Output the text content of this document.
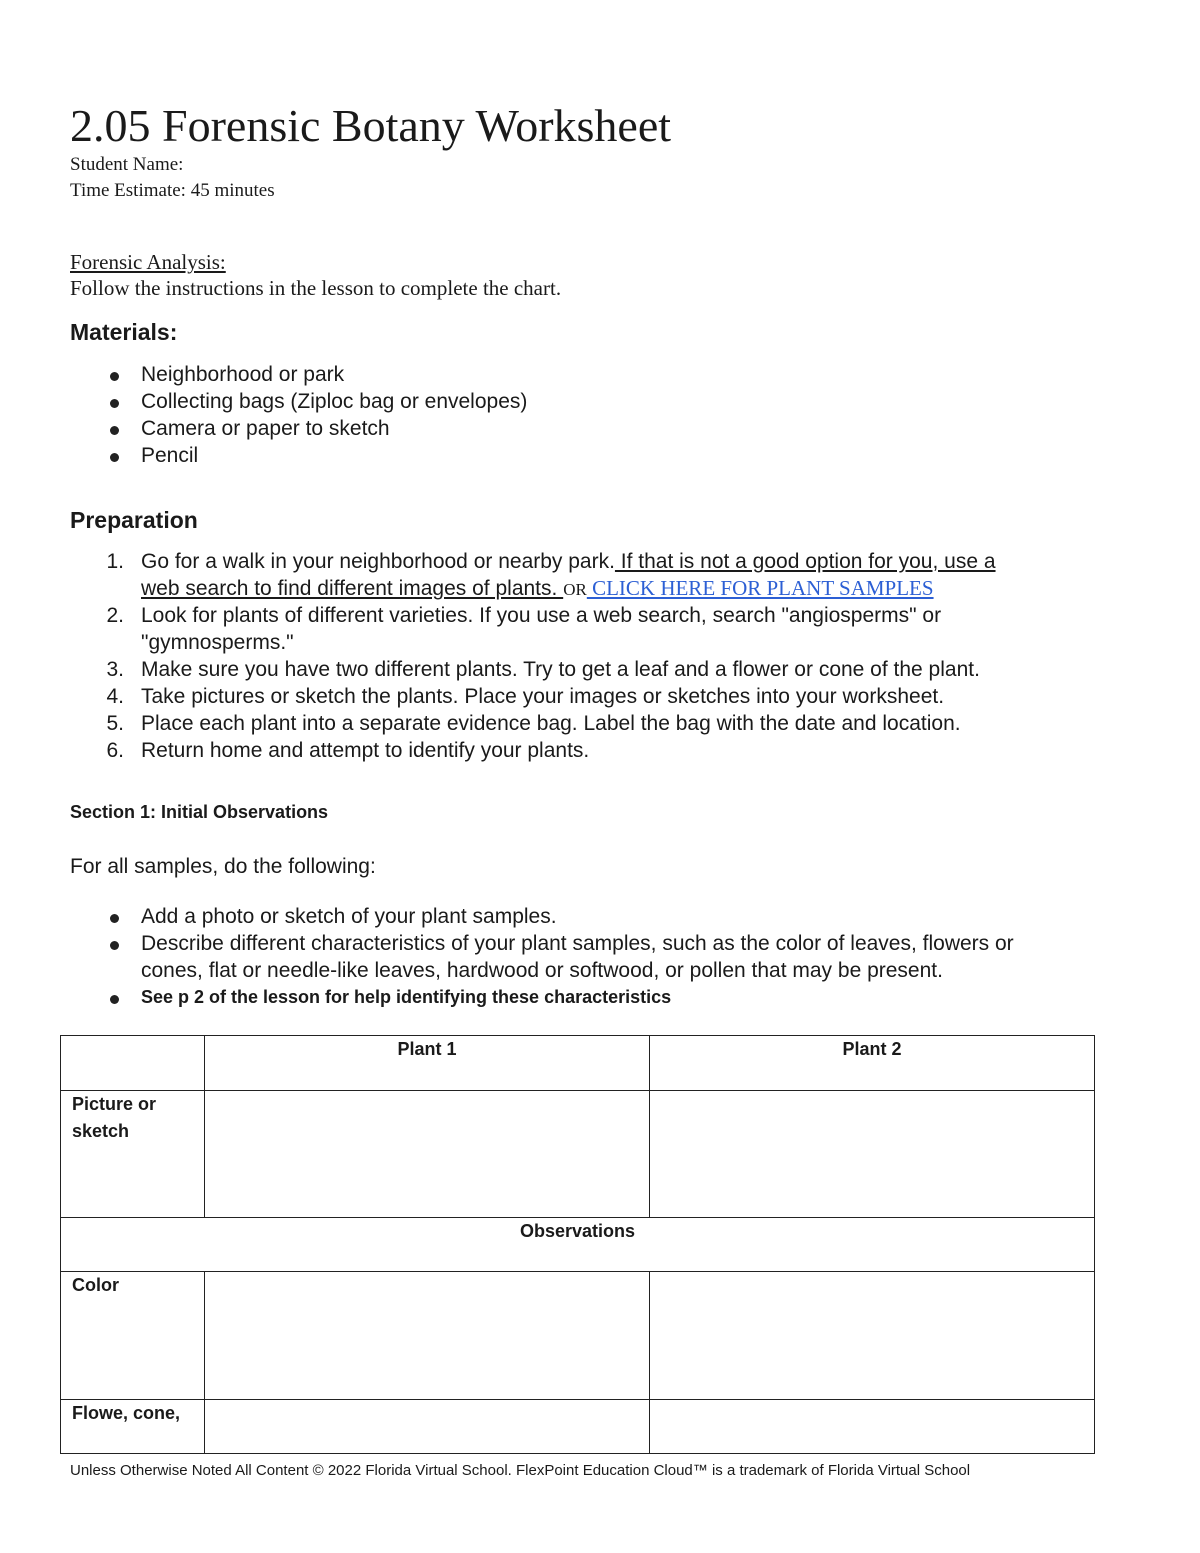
2.05 Forensic Botany Worksheet
Student Name:
Time Estimate: 45 minutes
Forensic Analysis:
Follow the instructions in the lesson to complete the chart.
Materials:
Neighborhood or park
Collecting bags (Ziploc bag or envelopes)
Camera or paper to sketch
Pencil
Preparation
1. Go for a walk in your neighborhood or nearby park. If that is not a good option for you, use a
web search to find different images of plants. OR CLICK HERE FOR PLANT SAMPLES
2. Look for plants of different varieties. If you use a web search, search "angiosperms" or
"gymnosperms."
3. Make sure you have two different plants. Try to get a leaf and a flower or cone of the plant.
4. Take pictures or sketch the plants. Place your images or sketches into your worksheet.
5. Place each plant into a separate evidence bag. Label the bag with the date and location.
6. Return home and attempt to identify your plants.
Section 1: Initial Observations
For all samples, do the following:
Add a photo or sketch of your plant samples.
Describe different characteristics of your plant samples, such as the color of leaves, flowers or
cones, flat or needle-like leaves, hardwood or softwood, or pollen that may be present.
See p 2 of the lesson for help identifying these characteristics
	Plant 1	Plant 2
Picture or sketch		
Observations		
Color		
Flowe, cone,		
Unless Otherwise Noted All Content © 2022 Florida Virtual School. FlexPoint Education Cloud™ is a trademark of Florida Virtual School
